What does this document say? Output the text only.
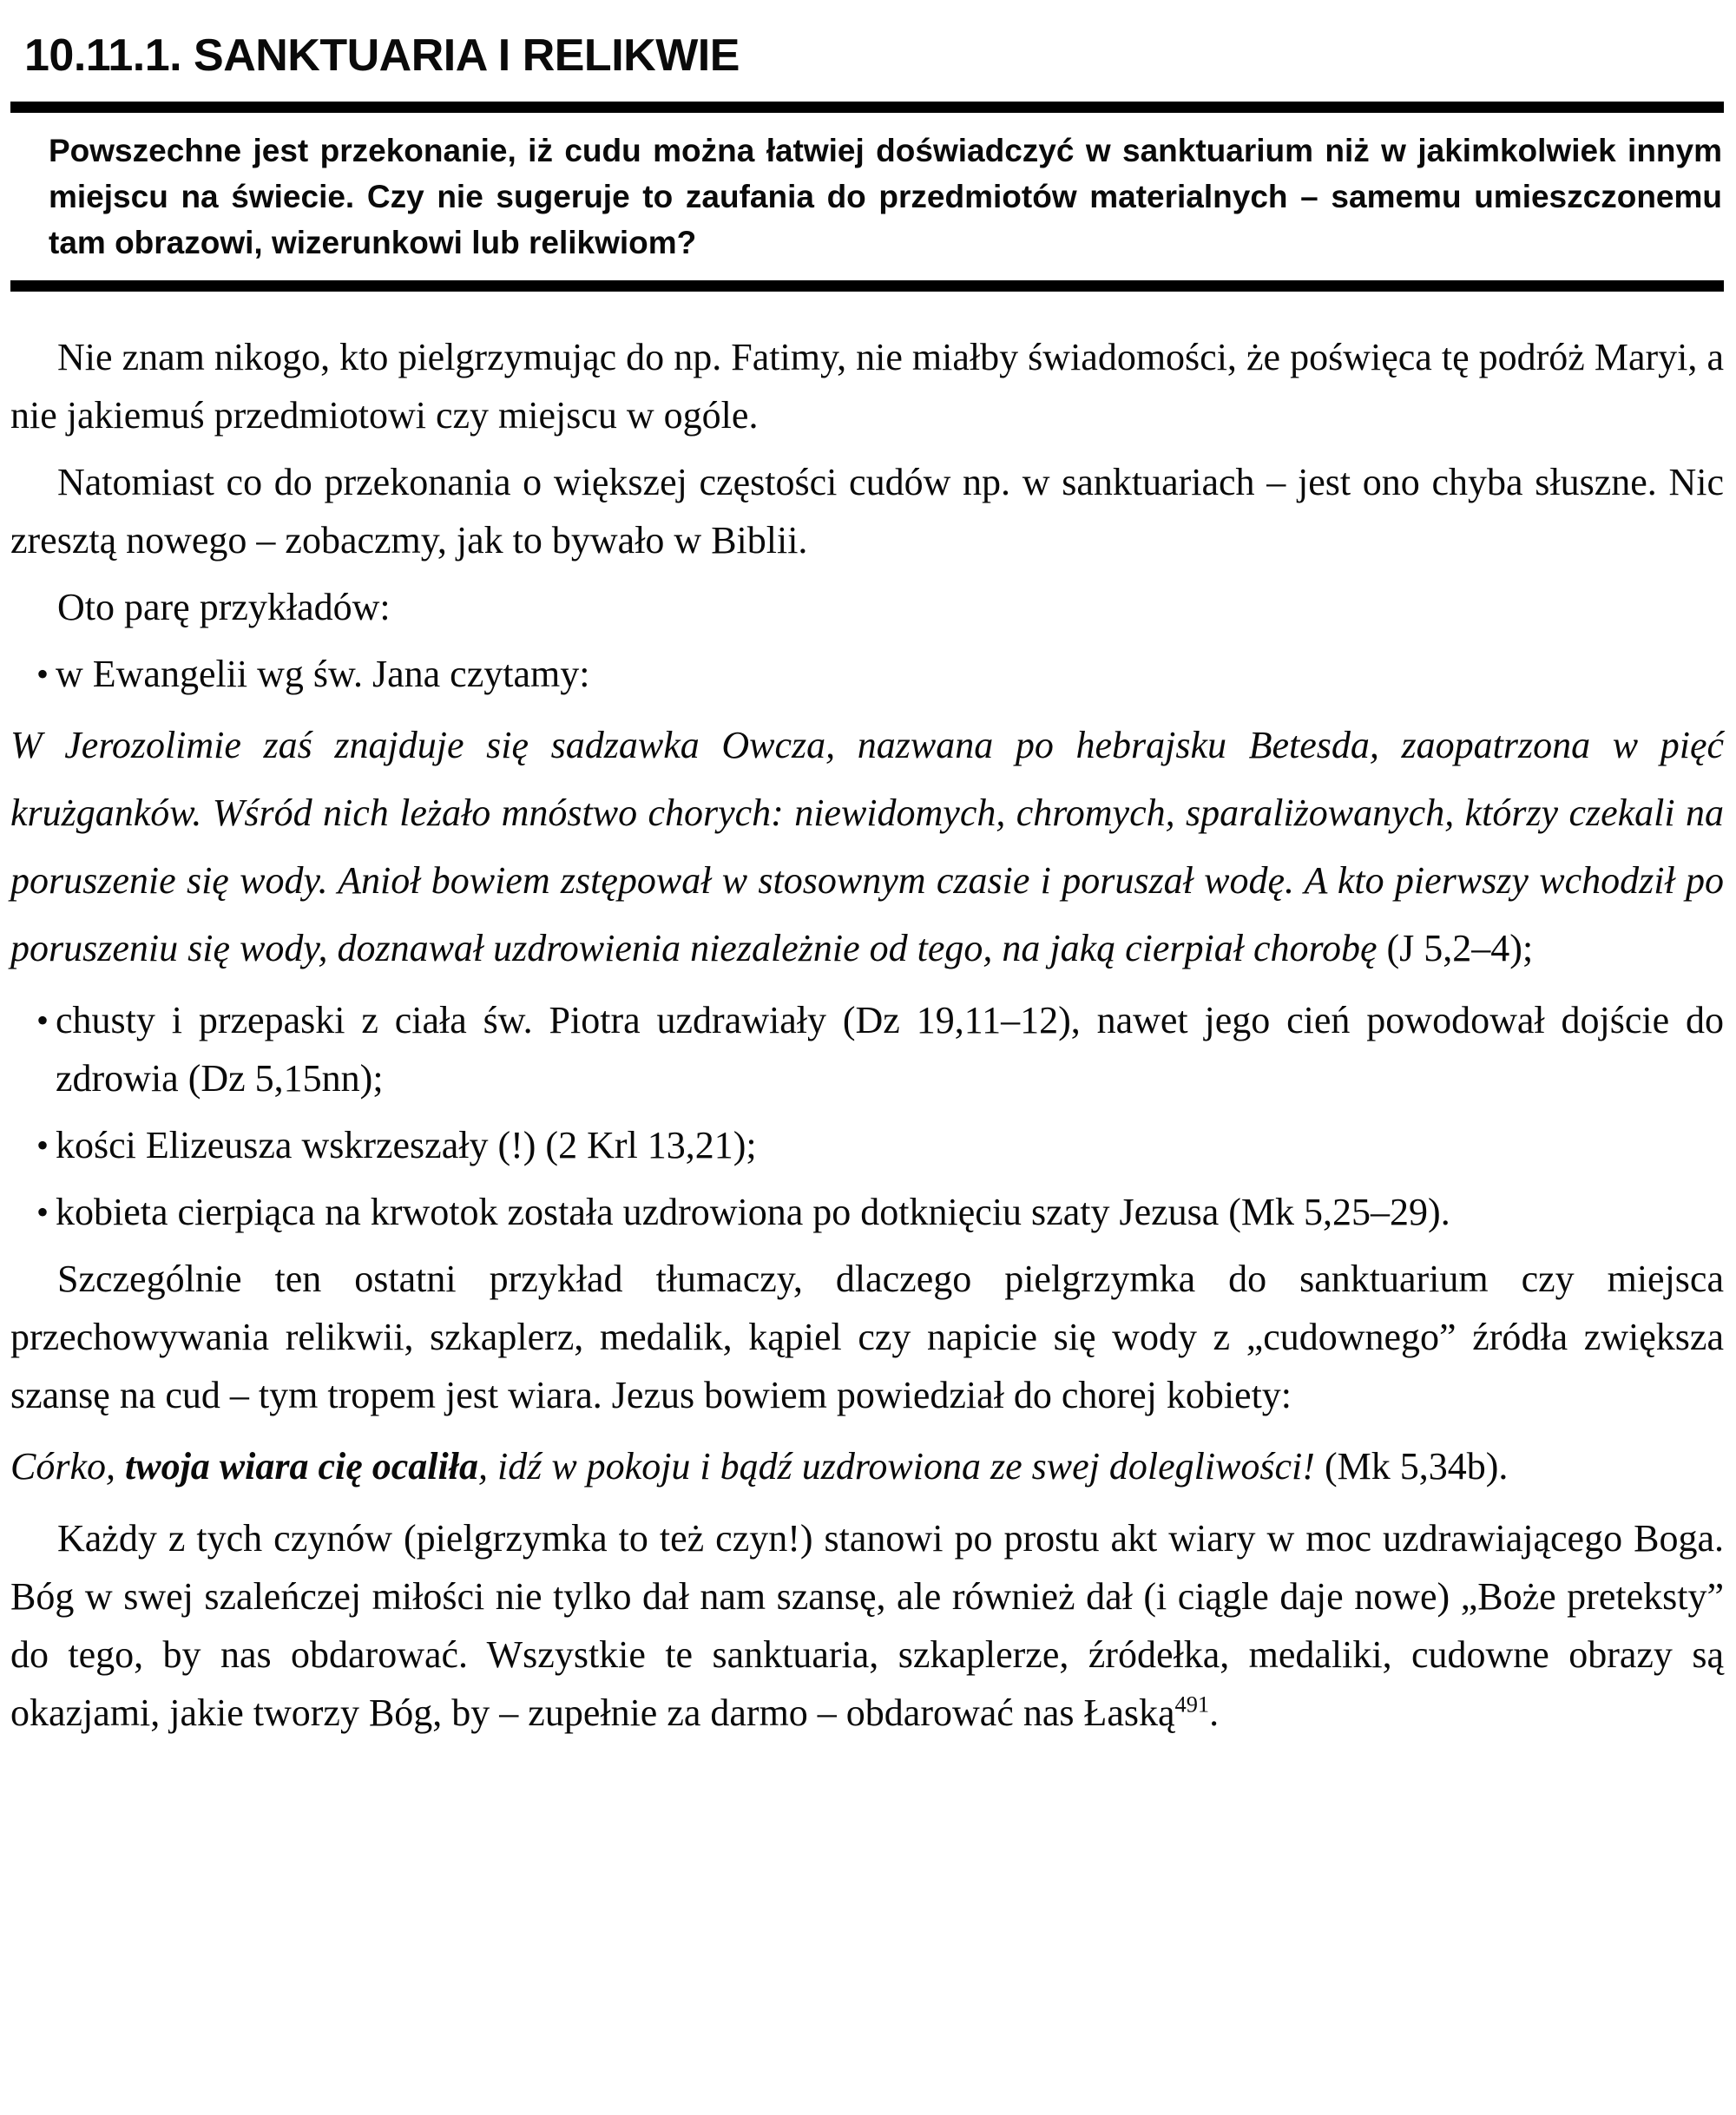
10.11.1. SANKTUARIA I RELIKWIE

Powszechne jest przekonanie, iż cudu można łatwiej doświadczyć w sanktuarium niż w jakimkolwiek innym miejscu na świecie. Czy nie sugeruje to zaufania do przedmiotów materialnych – samemu umieszczonemu tam obrazowi, wizerunkowi lub relikwiom?

Nie znam nikogo, kto pielgrzymując do np. Fatimy, nie miałby świadomości, że poświęca tę podróż Maryi, a nie jakiemuś przedmiotowi czy miejscu w ogóle.

Natomiast co do przekonania o większej częstości cudów np. w sanktuariach – jest ono chyba słuszne. Nic zresztą nowego – zobaczmy, jak to bywało w Biblii.

Oto parę przykładów:

• w Ewangelii wg św. Jana czytamy:

W Jerozolimie zaś znajduje się sadzawka Owcza, nazwana po hebrajsku Betesda, zaopatrzona w pięć krużganków. Wśród nich leżało mnóstwo chorych: niewidomych, chromych, sparaliżowanych, którzy czekali na poruszenie się wody. Anioł bowiem zstępował w stosownym czasie i poruszał wodę. A kto pierwszy wchodził po poruszeniu się wody, doznawał uzdrowienia niezależnie od tego, na jaką cierpiał chorobę (J 5,2–4);

• chusty i przepaski z ciała św. Piotra uzdrawiały (Dz 19,11–12), nawet jego cień powodował dojście do zdrowia (Dz 5,15nn);

• kości Elizeusza wskrzeszały (!) (2 Krl 13,21);

• kobieta cierpiąca na krwotok została uzdrowiona po dotknięciu szaty Jezusa (Mk 5,25–29).

Szczególnie ten ostatni przykład tłumaczy, dlaczego pielgrzymka do sanktuarium czy miejsca przechowywania relikwii, szkaplerz, medalik, kąpiel czy napicie się wody z „cudownego” źródła zwiększa szansę na cud – tym tropem jest wiara. Jezus bowiem powiedział do chorej kobiety:

Córko, twoja wiara cię ocaliła, idź w pokoju i bądź uzdrowiona ze swej dolegliwości! (Mk 5,34b).

Każdy z tych czynów (pielgrzymka to też czyn!) stanowi po prostu akt wiary w moc uzdrawiającego Boga. Bóg w swej szaleńczej miłości nie tylko dał nam szansę, ale również dał (i ciągle daje nowe) „Boże preteksty” do tego, by nas obdarować. Wszystkie te sanktuaria, szkaplerze, źródełka, medaliki, cudowne obrazy są okazjami, jakie tworzy Bóg, by – zupełnie za darmo – obdarować nas Łaską$^{491}$.
